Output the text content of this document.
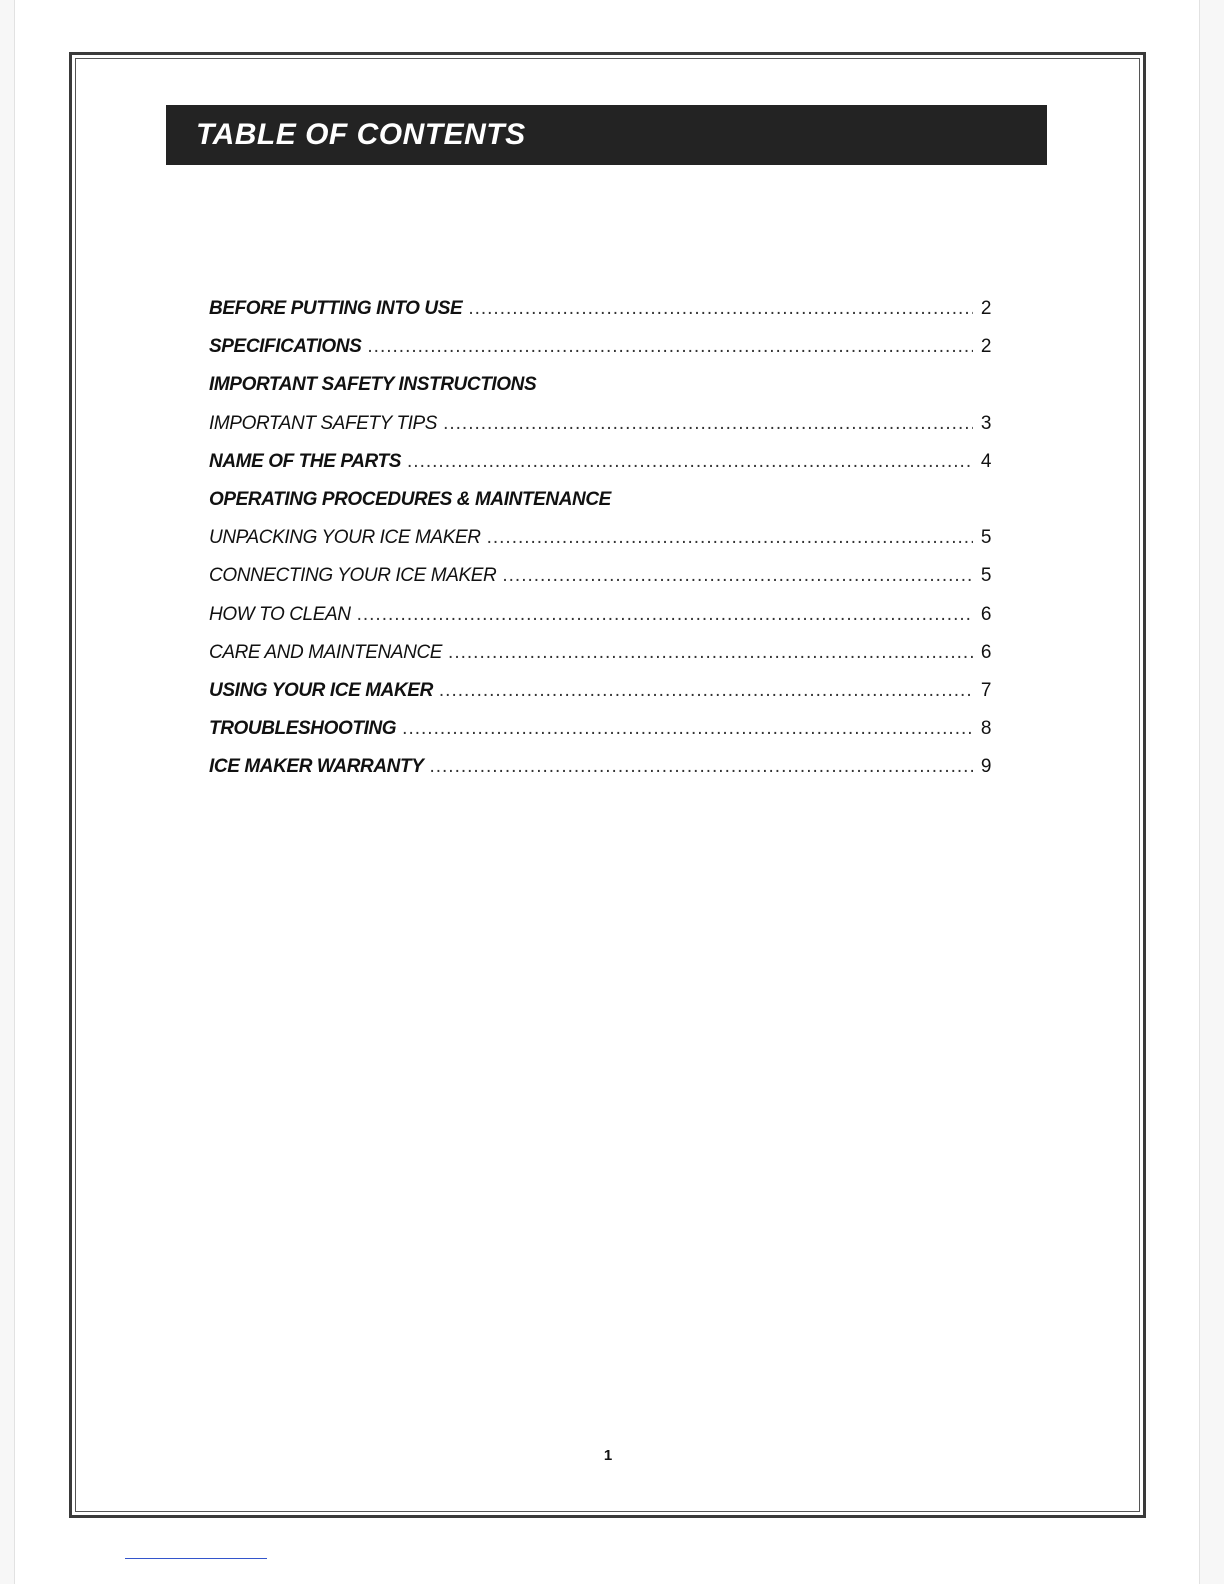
TABLE OF CONTENTS
BEFORE PUTTING INTO USE .....	2
SPECIFICATIONS .....	2
IMPORTANT SAFETY INSTRUCTIONS
IMPORTANT SAFETY TIPS .....	3
NAME OF THE PARTS .....	4
OPERATING PROCEDURES & MAINTENANCE
UNPACKING YOUR ICE MAKER .....	5
CONNECTING YOUR ICE MAKER .....	5
HOW TO CLEAN .....	6
CARE AND MAINTENANCE .....	6
USING YOUR ICE MAKER .....	7
TROUBLESHOOTING .....	8
ICE MAKER WARRANTY .....	9
1
